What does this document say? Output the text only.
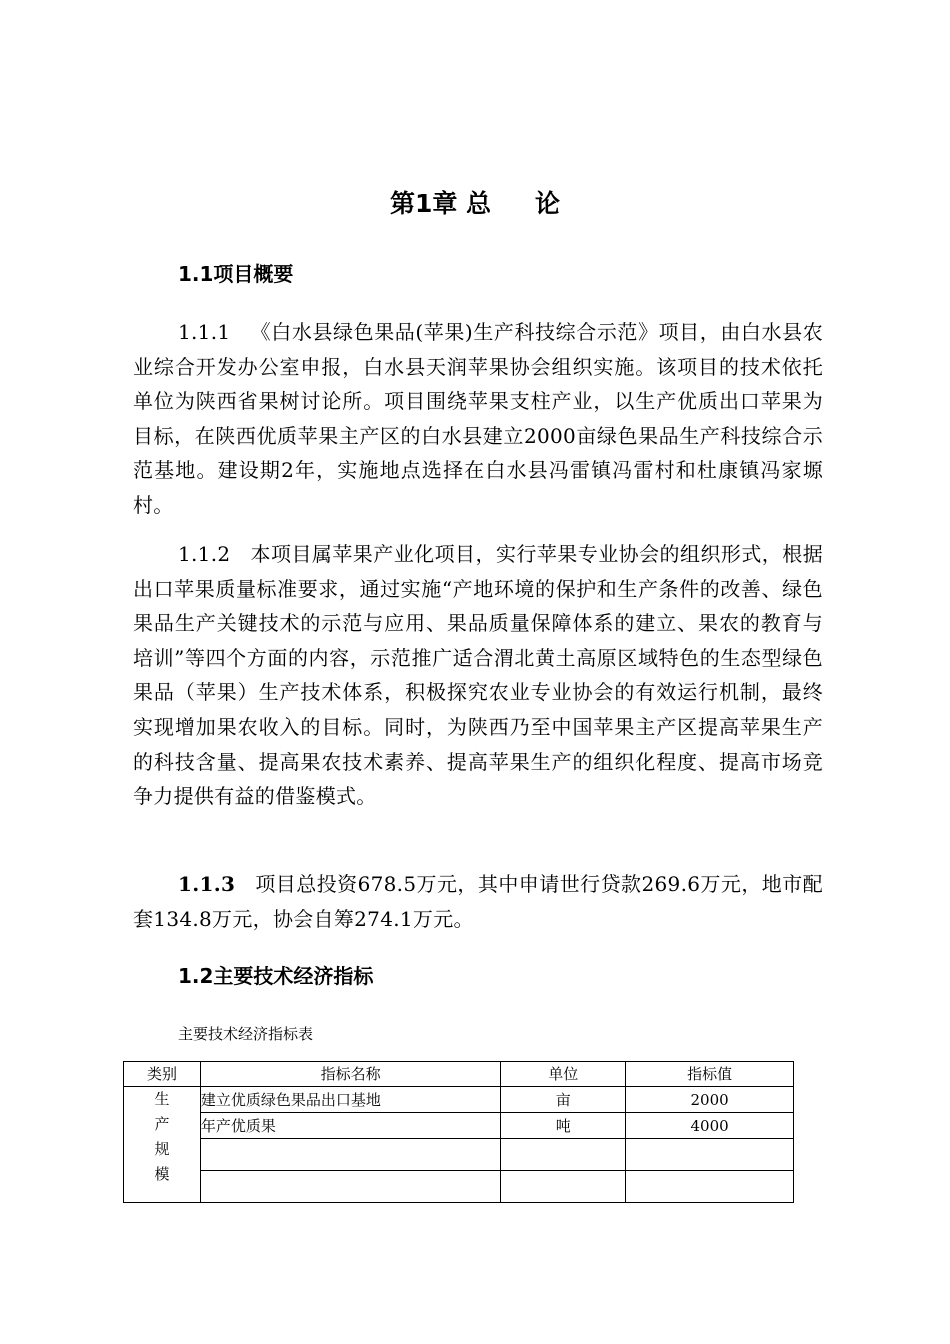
第1章 总 论
1.1项目概要

1.1.1 《白水县绿色果品(苹果)生产科技综合示范》项目，由白水县农业综合开发办公室申报，白水县天润苹果协会组织实施。该项目的技术依托单位为陕西省果树讨论所。项目围绕苹果支柱产业，以生产优质出口苹果为目标，在陕西优质苹果主产区的白水县建立2000亩绿色果品生产科技综合示范基地。建设期2年，实施地点选择在白水县冯雷镇冯雷村和杜康镇冯家塬村。

1.1.2 本项目属苹果产业化项目，实行苹果专业协会的组织形式，根据出口苹果质量标准要求，通过实施“产地环境的保护和生产条件的改善、绿色果品生产关键技术的示范与应用、果品质量保障体系的建立、果农的教育与培训”等四个方面的内容，示范推广适合渭北黄土高原区域特色的生态型绿色果品（苹果）生产技术体系，积极探究农业专业协会的有效运行机制，最终实现增加果农收入的目标。同时，为陕西乃至中国苹果主产区提高苹果生产的科技含量、提高果农技术素养、提高苹果生产的组织化程度、提高市场竞争力提供有益的借鉴模式。

1.1.3 项目总投资678.5万元，其中申请世行贷款269.6万元，地市配套134.8万元，协会自筹274.1万元。

1.2主要技术经济指标
主要技术经济指标表
类别	指标名称	单位	指标值

生
产
规
模	建立优质绿色果品出口基地	亩	2000
	年产优质果	吨	4000
